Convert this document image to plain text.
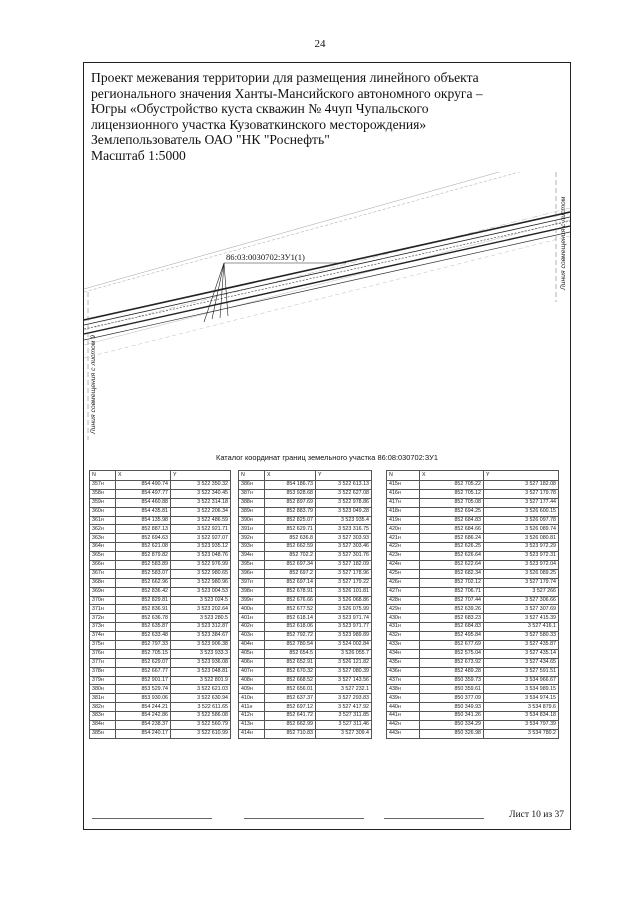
24
Проект межевания территории для размещения линейного объекта
регионального значения Ханты-Мансийского автономного округа –
Югры «Обустройство куста скважин № 4чуп Чупальского
лицензионного участка Кузоваткинского месторождения»
Землепользователь ОАО "НК "Роснефть"
Масштаб 1:5000
86:03:0030702:ЗУ1(1)
Линия совмещения с листом 9
Линия совмещения с листом
Каталог координат границ земельного участка 86:08:030702:ЗУ1
N	X	Y
357н	854 490.74	3 522 350.32
358н	854 497.77	3 522 340.45
359н	854 460.88	3 522 314.18
360н	854 435.81	3 522 206.34
361н	854 135.98	3 522 486.59
362н	852 887.13	3 522 921.71
363н	852 694.63	3 522 927.07
364н	852 621.08	3 523 935.12
365н	852 879.82	3 523 048.76
366н	852 583.89	3 522 976.99
367н	852 583.07	3 522 980.65
368н	852 662.96	3 522 980.96
369н	852 836.42	3 523 004.53
370н	852 829.81	3 523 024.5
371н	852 836.91	3 523 202.64
372н	852 636.78	3 523 280.5
373н	852 635.87	3 523 312.87
374н	852 633.48	3 523 384.67
375н	852 797.33	3 523 906.38
376н	852 705.15	3 523 933.3
377н	852 629.07	3 523 936.08
378н	852 667.77	3 523 048.81
379н	852 901.17	3 522 801.9
380н	853 529.74	3 522 621.03
381н	853 930.06	3 522 630.94
382н	854 244.21	3 522 611.65
383н	854 242.86	3 522 586.08
384н	854 238.37	3 522 560.79
385н	854 240.17	3 522 610.99
N	X	Y
386н	854 186.73	3 522 613.13
387н	853 928.68	3 522 627.08
388н	852 897.69	3 522 978.86
389н	852 883.79	3 523 049.28
390н	852 825.07	3 523 935.4
391н	852 629.71	3 523 316.75
392н	852 636.8	3 527 303.93
393н	852 662.59	3 527 303.46
394н	852 702.2	3 527 301.76
395н	852 697.34	3 527 182.09
396н	852 697.2	3 527 178.96
397н	852 697.14	3 527 179.22
398н	852 678.91	3 526 101.81
399н	852 676.66	3 526 068.86
400н	852 677.52	3 526 075.99
401н	852 618.14	3 523 971.74
402н	852 618.06	3 523 971.77
403н	852 792.72	3 523 989.89
404н	852 780.54	3 524 002.84
405н	852 654.5	3 526 055.7
406н	852 652.91	3 526 121.82
407н	852 670.32	3 527 080.39
408н	852 668.52	3 527 143.56
409н	852 656.01	3 527 232.1
410н	852 637.37	3 527 293.83
411н	852 697.12	3 527 417.92
412н	852 641.72	3 527 311.85
413н	852 662.99	3 527 311.46
414н	852 710.83	3 527 309.4
N	X	Y
415н	852 705.22	3 527 182.08
416н	852 705.12	3 527 179.78
417н	852 705.08	3 527 177.44
418н	852 694.25	3 526 600.15
419н	852 684.83	3 526 097.78
420н	852 684.66	3 526 089.74
421н	852 686.24	3 526 080.81
422н	852 626.25	3 523 972.29
423н	852 626.64	3 523 972.31
424н	852 622.64	3 523 972.04
425н	852 682.34	3 526 089.25
426н	852 702.12	3 527 179.74
427н	852 706.71	3 527 266
428н	852 707.44	3 527 306.66
429н	852 639.26	3 527 307.69
430н	852 683.23	3 527 415.39
431н	852 684.83	3 527 416.1
432н	852 495.84	3 527 580.33
433н	852 677.69	3 527 435.87
434н	852 575.04	3 527 435.14
435н	852 673.92	3 527 434.65
436н	852 489.28	3 527 591.51
437н	850 359.73	3 534 966.67
438н	850 359.61	3 534 989.15
439н	850 377.09	3 534 974.15
440н	850 349.93	3 534 879.6
441н	850 341.26	3 534 834.18
442н	850 334.29	3 534 797.39
443н	850 326.98	3 534 780.2
Лист 10 из 37
